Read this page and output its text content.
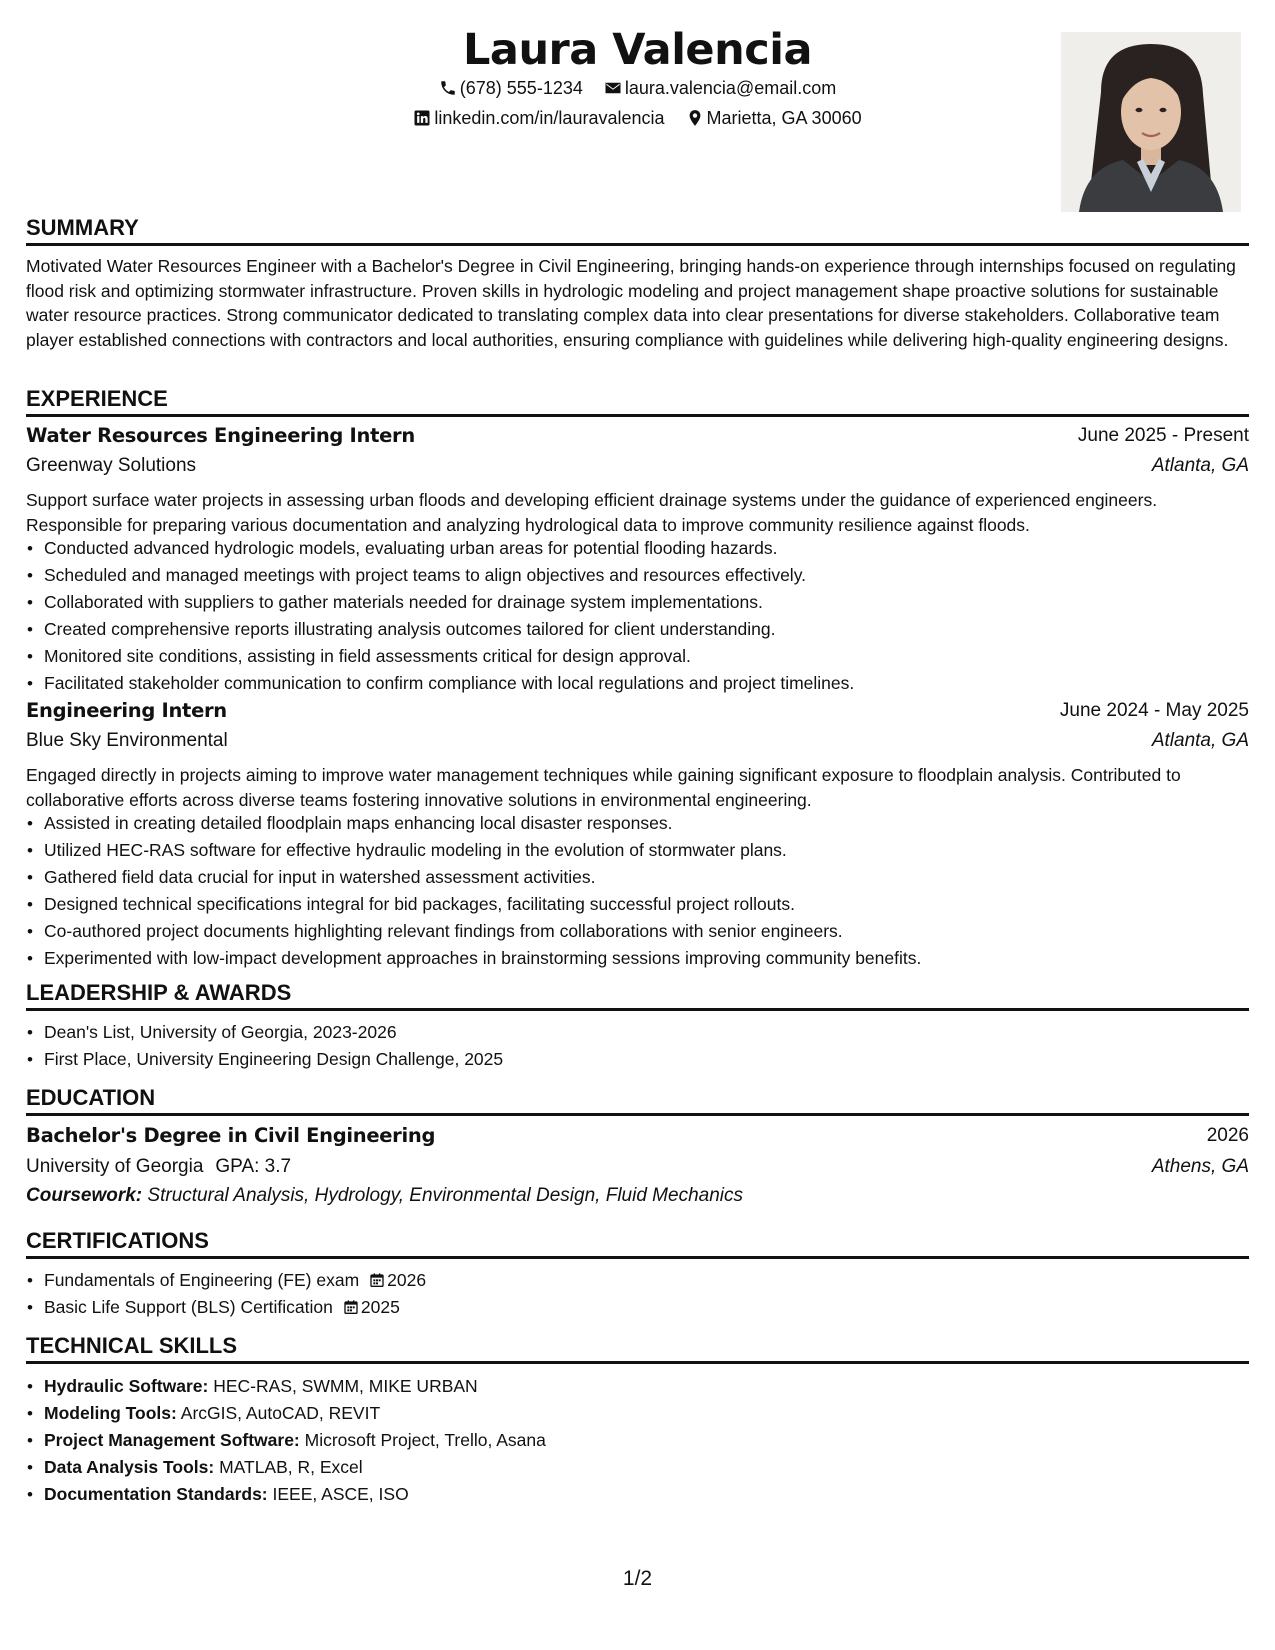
Laura Valencia
(678) 555-1234 laura.valencia@email.com
linkedin.com/in/lauravalencia Marietta, GA 30060
SUMMARY
Motivated Water Resources Engineer with a Bachelor's Degree in Civil Engineering, bringing hands-on experience through internships focused on regulating flood risk and optimizing stormwater infrastructure. Proven skills in hydrologic modeling and project management shape proactive solutions for sustainable water resource practices. Strong communicator dedicated to translating complex data into clear presentations for diverse stakeholders. Collaborative team player established connections with contractors and local authorities, ensuring compliance with guidelines while delivering high-quality engineering designs.
EXPERIENCE
Water Resources Engineering Intern	June 2025 - Present
Greenway Solutions	Atlanta, GA
Support surface water projects in assessing urban floods and developing efficient drainage systems under the guidance of experienced engineers. Responsible for preparing various documentation and analyzing hydrological data to improve community resilience against floods.
• Conducted advanced hydrologic models, evaluating urban areas for potential flooding hazards.
• Scheduled and managed meetings with project teams to align objectives and resources effectively.
• Collaborated with suppliers to gather materials needed for drainage system implementations.
• Created comprehensive reports illustrating analysis outcomes tailored for client understanding.
• Monitored site conditions, assisting in field assessments critical for design approval.
• Facilitated stakeholder communication to confirm compliance with local regulations and project timelines.
Engineering Intern	June 2024 - May 2025
Blue Sky Environmental	Atlanta, GA
Engaged directly in projects aiming to improve water management techniques while gaining significant exposure to floodplain analysis. Contributed to collaborative efforts across diverse teams fostering innovative solutions in environmental engineering.
• Assisted in creating detailed floodplain maps enhancing local disaster responses.
• Utilized HEC-RAS software for effective hydraulic modeling in the evolution of stormwater plans.
• Gathered field data crucial for input in watershed assessment activities.
• Designed technical specifications integral for bid packages, facilitating successful project rollouts.
• Co-authored project documents highlighting relevant findings from collaborations with senior engineers.
• Experimented with low-impact development approaches in brainstorming sessions improving community benefits.
LEADERSHIP & AWARDS
• Dean's List, University of Georgia, 2023-2026
• First Place, University Engineering Design Challenge, 2025
EDUCATION
Bachelor's Degree in Civil Engineering	2026
University of Georgia GPA: 3.7	Athens, GA
Coursework: Structural Analysis, Hydrology, Environmental Design, Fluid Mechanics
CERTIFICATIONS
• Fundamentals of Engineering (FE) exam 2026
• Basic Life Support (BLS) Certification 2025
TECHNICAL SKILLS
• Hydraulic Software: HEC-RAS, SWMM, MIKE URBAN
• Modeling Tools: ArcGIS, AutoCAD, REVIT
• Project Management Software: Microsoft Project, Trello, Asana
• Data Analysis Tools: MATLAB, R, Excel
• Documentation Standards: IEEE, ASCE, ISO
1/2
